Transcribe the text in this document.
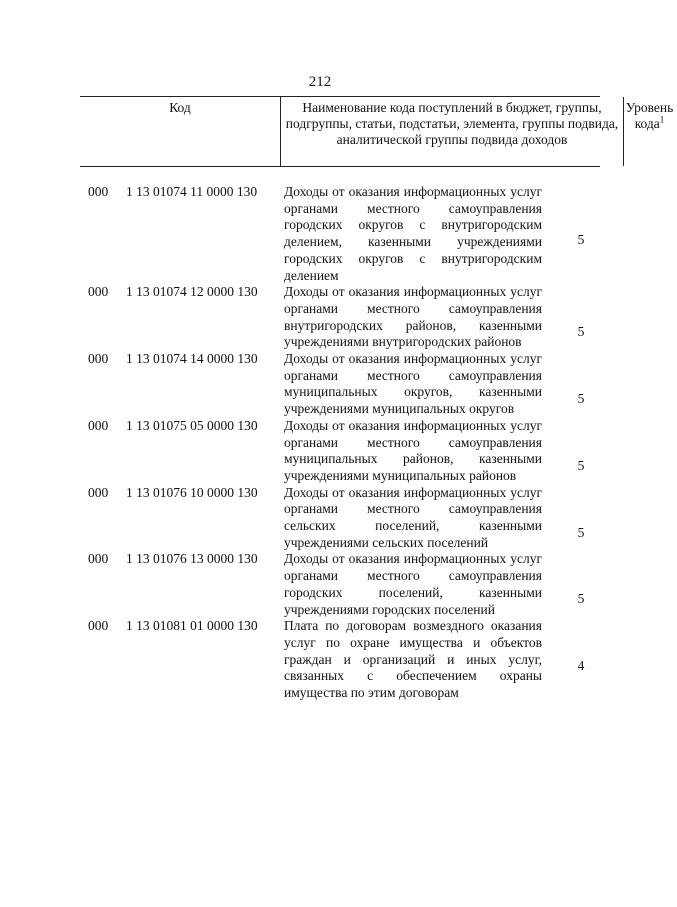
212
Код	Наименование кода поступлений в бюджет, группы, подгруппы, статьи, подстатьи, элемента, группы подвида, аналитической группы подвида доходов
Уровень кода$^1$
000 1 13 01074 11 0000 130 Доходы от оказания информационных услуг органами местного самоуправления городских округов с внутригородским делением, казенными учреждениями городских округов с внутригородским делением
5
000 1 13 01074 12 0000 130 Доходы от оказания информационных услуг органами местного самоуправления внутригородских районов, казенными учреждениями внутригородских районов
5
000 1 13 01074 14 0000 130 Доходы от оказания информационных услуг органами местного самоуправления муниципальных округов, казенными учреждениями муниципальных округов
5
000 1 13 01075 05 0000 130 Доходы от оказания информационных услуг органами местного самоуправления муниципальных районов, казенными учреждениями муниципальных районов
5
000 1 13 01076 10 0000 130 Доходы от оказания информационных услуг органами местного самоуправления сельских поселений, казенными учреждениями сельских поселений
5
000 1 13 01076 13 0000 130 Доходы от оказания информационных услуг органами местного самоуправления городских поселений, казенными учреждениями городских поселений
5
000 1 13 01081 01 0000 130 Плата по договорам возмездного оказания услуг по охране имущества и объектов граждан и организаций и иных услуг, связанных с обеспечением охраны имущества по этим договорам
4
